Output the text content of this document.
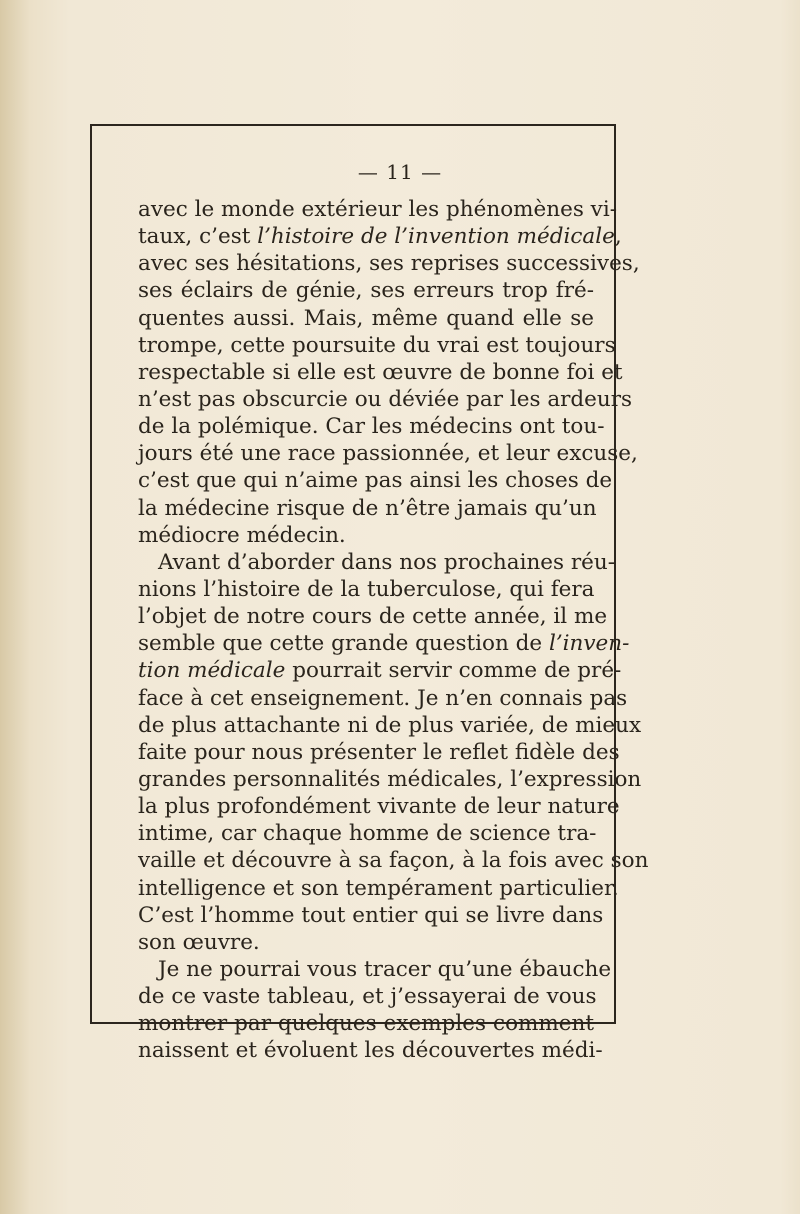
— 11 —
avec le monde extérieur les phénomènes vi-
taux, c’est l’histoire de l’invention médicale,
avec ses hésitations, ses reprises successives,
ses éclairs de génie, ses erreurs trop fré-
quentes aussi. Mais, même quand elle se
trompe, cette poursuite du vrai est toujours
respectable si elle est œuvre de bonne foi et
n’est pas obscurcie ou déviée par les ardeurs
de la polémique. Car les médecins ont tou-
jours été une race passionnée, et leur excuse,
c’est que qui n’aime pas ainsi les choses de
la médecine risque de n’être jamais qu’un
médiocre médecin.
Avant d’aborder dans nos prochaines réu-
nions l’histoire de la tuberculose, qui fera
l’objet de notre cours de cette année, il me
semble que cette grande question de l’inven-
tion médicale pourrait servir comme de pré-
face à cet enseignement. Je n’en connais pas
de plus attachante ni de plus variée, de mieux
faite pour nous présenter le reflet fidèle des
grandes personnalités médicales, l’expression
la plus profondément vivante de leur nature
intime, car chaque homme de science tra-
vaille et découvre à sa façon, à la fois avec son
intelligence et son tempérament particulier.
C’est l’homme tout entier qui se livre dans
son œuvre.
Je ne pourrai vous tracer qu’une ébauche
de ce vaste tableau, et j’essayerai de vous
montrer par quelques exemples comment
naissent et évoluent les découvertes médi-
